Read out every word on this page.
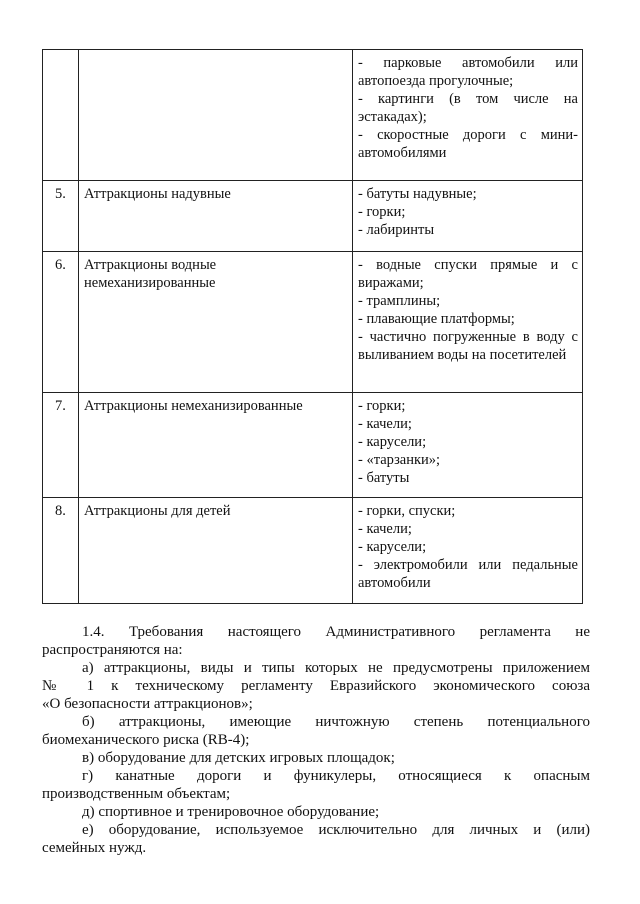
		- парковые автомобили или автопоезда прогулочные;
- картинги (в том числе на эстакадах);
- скоростные дороги с мини-автомобилями

5.	Аттракционы надувные	- батуты надувные;
- горки;
- лабиринты

6.	Аттракционы водные немеханизированные	- водные спуски прямые и с виражами;
- трамплины;
- плавающие платформы;
- частично погруженные в воду с выливанием воды на посетителей

7.	Аттракционы немеханизированные	- горки;
- качели;
- карусели;
- «тарзанки»;
- батуты

8.	Аттракционы для детей	- горки, спуски;
- качели;
- карусели;
- электромобили или педальные автомобили
1.4. Требования настоящего Административного регламента не
распространяются на:
а) аттракционы, виды и типы которых не предусмотрены приложением
№ 1 к техническому регламенту Евразийского экономического союза
«О безопасности аттракционов»;
б) аттракционы, имеющие ничтожную степень потенциального
биомеханического риска (RB-4);
в) оборудование для детских игровых площадок;
г) канатные дороги и фуникулеры, относящиеся к опасным
производственным объектам;
д) спортивное и тренировочное оборудование;
е) оборудование, используемое исключительно для личных и (или)
семейных нужд.
